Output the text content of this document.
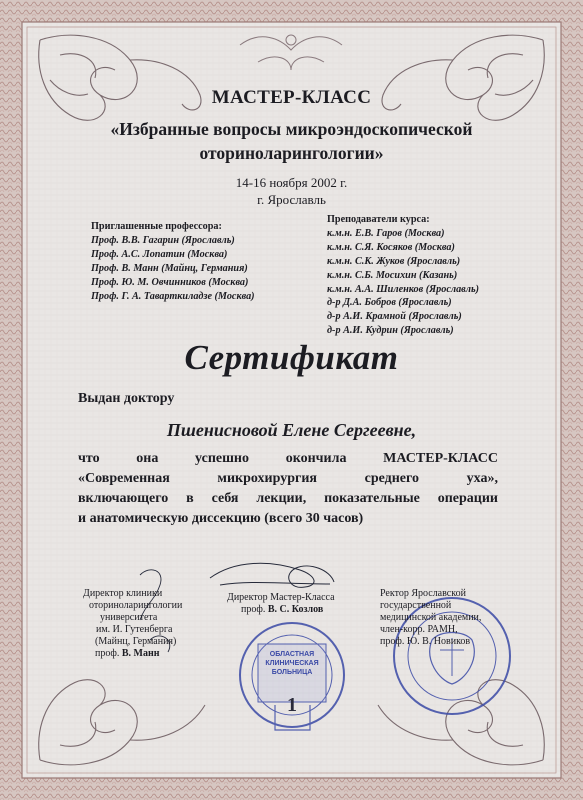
МАСТЕР-КЛАСС
«Избранные вопросы микроэндоскопической
оториноларингологии»
14-16 ноября 2002 г.
г. Ярославль
Приглашенные профессора:
Проф. В.В. Гагарин (Ярославль)
Проф. А.С. Лопатин (Москва)
Проф. В. Манн (Майнц, Германия)
Проф. Ю. М. Овчинников (Москва)
Проф. Г. А. Таварткиладзе (Москва)
Преподаватели курса:
к.м.н. Е.В. Гаров (Москва)
к.м.н. С.Я. Косяков (Москва)
к.м.н. С.К. Жуков (Ярославль)
к.м.н. С.Б. Мосихин (Казань)
к.м.н. А.А. Шиленков (Ярославль)
д-р Д.А. Бобров (Ярославль)
д-р А.И. Крамной (Ярославль)
д-р А.И. Кудрин (Ярославль)
Сертификат
Выдан доктору
Пшенисновой Елене Сергеевне,
что она успешно окончила МАСТЕР-КЛАСС
«Современная микрохирургия среднего уха»,
включающего в себя лекции, показательные операции
и анатомическую диссекцию (всего 30 часов)
Директор клиники
оториноларингологии
университета
им. И. Гутенберга
(Майнц, Германия)
проф. В. Манн
Директор Мастер-Класса
проф. В. С. Козлов
Ректор Ярославской
государственной
медицинской академии,
член-корр. РАМН,
проф. Ю. В. Новиков
ОБЛАСТНАЯ КЛИНИЧЕСКАЯ БОЛЬНИЦА
1
